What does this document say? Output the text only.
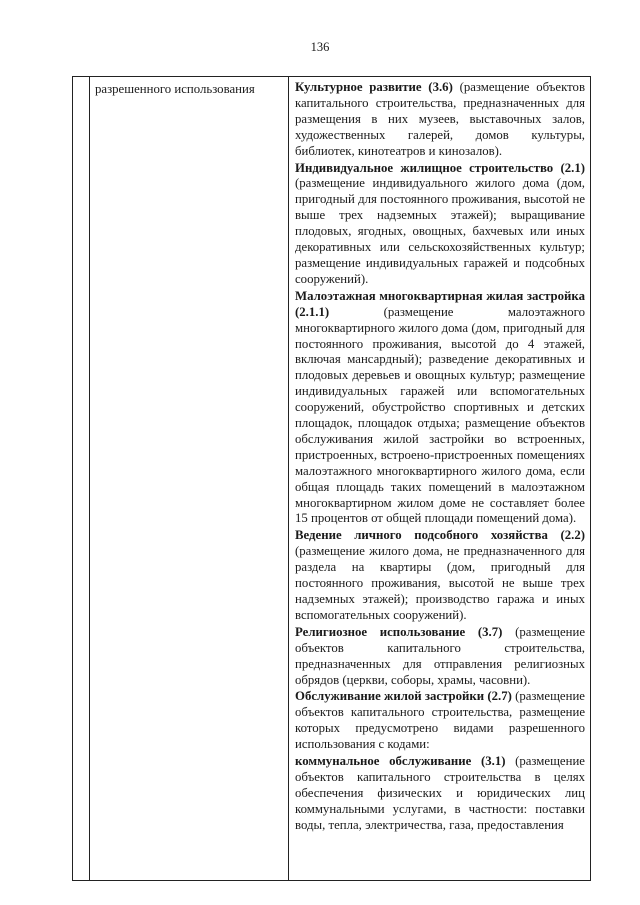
136
разрешенного использования	Культурное развитие (3.6) (размещение объектов капитального строительства, предназначенных для размещения в них музеев, выставочных залов, художественных галерей, домов культуры, библиотек, кинотеатров и кинозалов).

Индивидуальное жилищное строительство (2.1) (размещение индивидуального жилого дома (дом, пригодный для постоянного проживания, высотой не выше трех надземных этажей); выращивание плодовых, ягодных, овощных, бахчевых или иных декоративных или сельскохозяйственных культур; размещение индивидуальных гаражей и подсобных сооружений).

Малоэтажная многоквартирная жилая застройка (2.1.1) (размещение малоэтажного многоквартирного жилого дома (дом, пригодный для постоянного проживания, высотой до 4 этажей, включая мансардный); разведение декоративных и плодовых деревьев и овощных культур; размещение индивидуальных гаражей или вспомогательных сооружений, обустройство спортивных и детских площадок, площадок отдыха; размещение объектов обслуживания жилой застройки во встроенных, пристроенных, встроено-пристроенных помещениях малоэтажного многоквартирного жилого дома, если общая площадь таких помещений в малоэтажном многоквартирном жилом доме не составляет более 15 процентов от общей площади помещений дома).

Ведение личного подсобного хозяйства (2.2) (размещение жилого дома, не предназначенного для раздела на квартиры (дом, пригодный для постоянного проживания, высотой не выше трех надземных этажей); производство гаража и иных вспомогательных сооружений).

Религиозное использование (3.7) (размещение объектов капитального строительства, предназначенных для отправления религиозных обрядов (церкви, соборы, храмы, часовни).

Обслуживание жилой застройки (2.7) (размещение объектов капитального строительства, размещение которых предусмотрено видами разрешенного использования с кодами:

коммунальное обслуживание (3.1) (размещение объектов капитального строительства в целях обеспечения физических и юридических лиц коммунальными услугами, в частности: поставки воды, тепла, электричества, газа, предоставления
